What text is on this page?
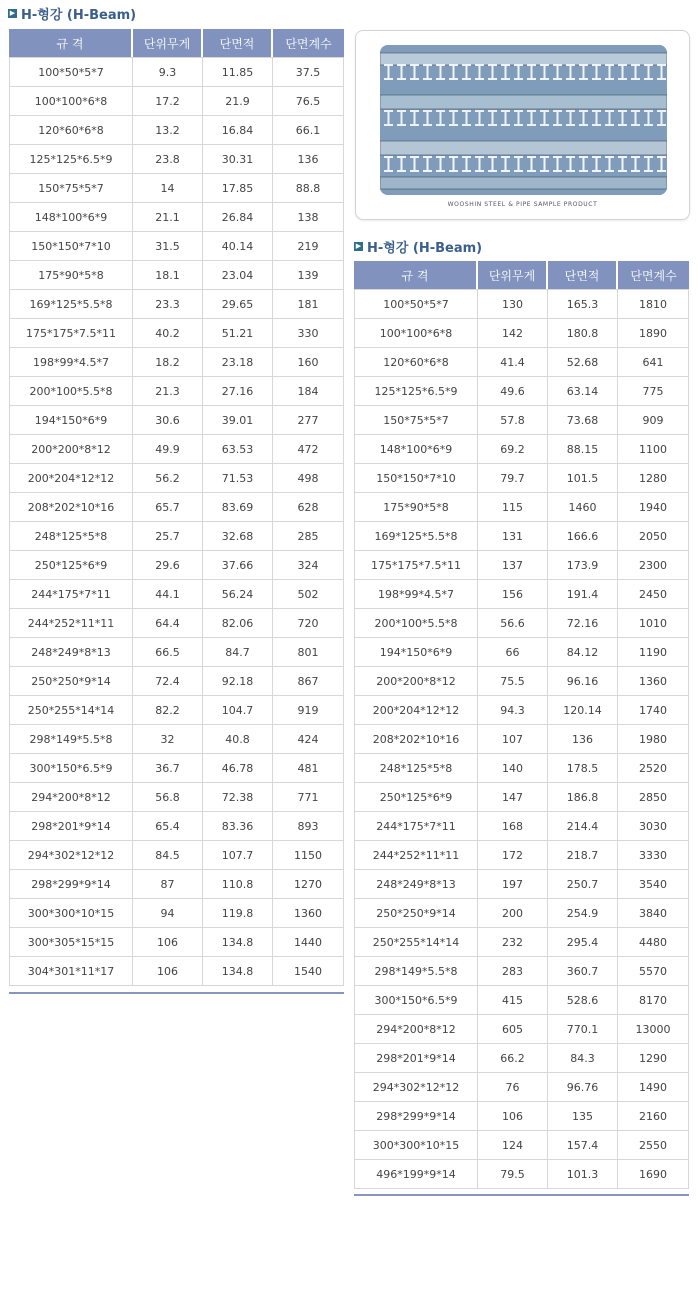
▶ H-형강 (H-Beam)
규 격	단위무게	단면적	단면계수
100*50*5*7	9.3	11.85	37.5
100*100*6*8	17.2	21.9	76.5
120*60*6*8	13.2	16.84	66.1
125*125*6.5*9	23.8	30.31	136
150*75*5*7	14	17.85	88.8
148*100*6*9	21.1	26.84	138
150*150*7*10	31.5	40.14	219
175*90*5*8	18.1	23.04	139
169*125*5.5*8	23.3	29.65	181
175*175*7.5*11	40.2	51.21	330
198*99*4.5*7	18.2	23.18	160
200*100*5.5*8	21.3	27.16	184
194*150*6*9	30.6	39.01	277
200*200*8*12	49.9	63.53	472
200*204*12*12	56.2	71.53	498
208*202*10*16	65.7	83.69	628
248*125*5*8	25.7	32.68	285
250*125*6*9	29.6	37.66	324
244*175*7*11	44.1	56.24	502
244*252*11*11	64.4	82.06	720
248*249*8*13	66.5	84.7	801
250*250*9*14	72.4	92.18	867
250*255*14*14	82.2	104.7	919
298*149*5.5*8	32	40.8	424
300*150*6.5*9	36.7	46.78	481
294*200*8*12	56.8	72.38	771
298*201*9*14	65.4	83.36	893
294*302*12*12	84.5	107.7	1150
298*299*9*14	87	110.8	1270
300*300*10*15	94	119.8	1360
300*305*15*15	106	134.8	1440
304*301*11*17	106	134.8	1540
WOOSHIN STEEL & PIPE SAMPLE PRODUCT
▶ H-형강 (H-Beam)
규 격	단위무게	단면적	단면계수
100*50*5*7	130	165.3	1810
100*100*6*8	142	180.8	1890
120*60*6*8	41.4	52.68	641
125*125*6.5*9	49.6	63.14	775
150*75*5*7	57.8	73.68	909
148*100*6*9	69.2	88.15	1100
150*150*7*10	79.7	101.5	1280
175*90*5*8	115	1460	1940
169*125*5.5*8	131	166.6	2050
175*175*7.5*11	137	173.9	2300
198*99*4.5*7	156	191.4	2450
200*100*5.5*8	56.6	72.16	1010
194*150*6*9	66	84.12	1190
200*200*8*12	75.5	96.16	1360
200*204*12*12	94.3	120.14	1740
208*202*10*16	107	136	1980
248*125*5*8	140	178.5	2520
250*125*6*9	147	186.8	2850
244*175*7*11	168	214.4	3030
244*252*11*11	172	218.7	3330
248*249*8*13	197	250.7	3540
250*250*9*14	200	254.9	3840
250*255*14*14	232	295.4	4480
298*149*5.5*8	283	360.7	5570
300*150*6.5*9	415	528.6	8170
294*200*8*12	605	770.1	13000
298*201*9*14	66.2	84.3	1290
294*302*12*12	76	96.76	1490
298*299*9*14	106	135	2160
300*300*10*15	124	157.4	2550
496*199*9*14	79.5	101.3	1690
